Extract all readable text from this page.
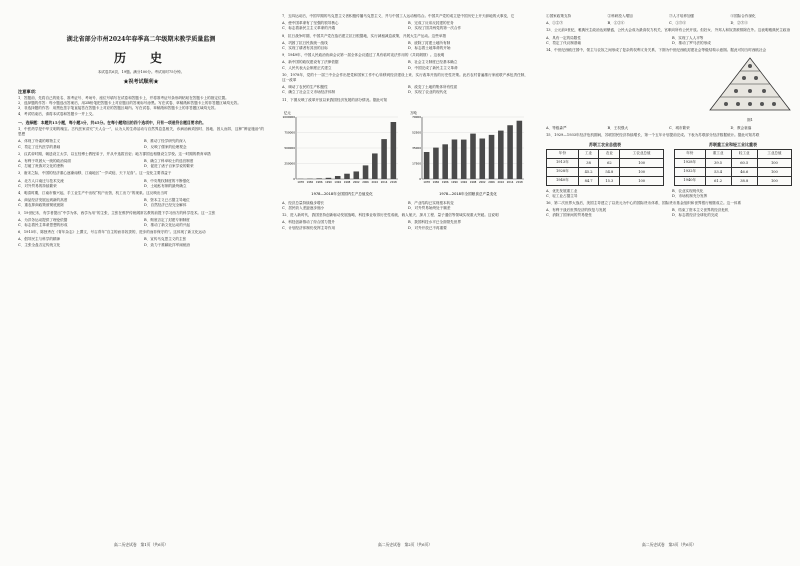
湖北省部分市州2024年春季高二年级期末教学质量监测
历　史
本试卷共6页，19题。满分100分。考试用时75分钟。
★祝考试顺利★
注意事项：
1．答题前，先将自己的姓名、准考证号、考场号、座位号填写在试卷和答题卡上，并将准考证号条形码粘贴在答题卡上的指定位置。
2．选择题的作答：每小题选出答案后，用2B铅笔把答题卡上对应题目的答案标号涂黑。写在试卷、草稿纸和答题卡上的非答题区域均无效。
3．非选择题的作答：用黑色签字笔直接答在答题卡上对应的答题区域内。写在试卷、草稿纸和答题卡上的非答题区域均无效。
4．考试结束后，请将本试卷和答题卡一并上交。
一、选择题：本题共15小题，每小题3分，共45分。在每小题给出的四个选项中，只有一项是符合题目要求的。
1．中医药学是中华文明的瑰宝。古代医家讲究“天人合一”，认为人的生命活动与自然界息息相关，诊病治病须因时、因地、因人而异，这种“辨证施治”的思想
A．体现了朴素的唯物主义	B．推动了经学研究的深入
C．奠定了近代医学的基础	D．反映了儒家的伦理观念
2．汉武帝时期，朝廷设立太学，以五经博士教授弟子，并从中选拔官吏；地方郡国也相继设立学校。这一时期的教育举措
A．有利于巩固大一统的政治局面	B．确立了科举取士的选官制度
C．打破了贵族对文化的垄断	D．促进了诸子百家学说的繁荣
3．唐宋之际，中国的经济重心逐渐南移，江南地区“一岁或稔，天下足食”。这一变化主要得益于
A．北方人口南迁与技术交流	B．中央集权制度的不断强化
C．对外贸易的持续繁荣	D．土地私有制的最终确立
4．明清时期，江南市镇兴起，手工业生产中出现“机户出资，机工出力”的现象。这反映出当时
A．商品经济发展达到新的高度	B．资本主义已占据主导地位
C．重农抑商政策被彻底废除	D．自然经济已经完全解体
5．19世纪末，有学者提出“中学为体，西学为用”的主张，主张在维护传统纲常名教的前提下学习西方的科学技术。这一主张
A．为洋务运动提供了理论依据	B．彻底否定了封建专制制度
C．标志着民主革命思想的形成	D．推动了新文化运动的兴起
6．1915年，陈独秀在《青年杂志》上撰文，号召青年“自主的而非奴隶的，进步的而非保守的”。这体现了新文化运动
A．倡导民主与科学的精神	B．宣传马克思主义的主张
C．主张全盘否定传统文化	D．致力于推翻北洋军阀统治
高二历史试卷　第1页（共6页）
7．五四运动后，中国早期的马克思主义者积极传播马克思主义，并与中国工人运动相结合。中国共产党的成立是中国历史上开天辟地的大事变，它
A．使中国革命有了坚强的领导核心	B．完成了反帝反封建的任务
C．标志着新民主主义革命的开端	D．实现了国共两党的第一次合作
8．抗日战争时期，中国共产党在敌后建立抗日根据地，实行减租减息政策，开展大生产运动。这些举措
A．巩固了抗日民族统一战线	B．废除了封建土地所有制
C．实现了耕者有其田的目标	D．标志着土地革命的开始
9．1949年，中国人民政治协商会议第一届全体会议通过了具有临时宪法作用的《共同纲领》。这表明
A．新中国的政权建设有了法律依据	B．社会主义制度已经基本确立
C．人民代表大会制度正式建立	D．中国完成了新民主主义革命
10．1978年，党的十一届三中全会作出把党和国家工作中心转移到经济建设上来、实行改革开放的历史性决策。此后农村普遍推行家庭联产承包责任制，这一改革
A．调动了农民的生产积极性	B．改变了土地的集体所有性质
C．确立了社会主义市场经济体制	D．实现了农业的现代化
11．下图反映了改革开放以来我国经济发展的部分情况。据此可知
1978—2018年全国国内生产总值变化
亿元
0
250000
500000
750000
1000000
1978 1982 1986 1990 1994 1998 2002 2006 2010 2014 2018
1978—2018年全国粮食总产量变化
万吨
0
17500
35000
52500
70000
1978 1982 1986 1990 1994 1998 2002 2006 2010 2014 2018
A．经济总量持续稳步增长	B．产业结构已实现根本转变
C．居民收入差距逐步缩小	D．对外贸易始终处于顺差
12．进入新时代，我国坚持创新驱动发展战略，科技事业取得历史性成就，载人航天、探月工程、量子通信等领域实现重大突破。这说明
A．科技创新推动了综合国力提升	B．我国科技水平已全面领先世界
C．计划经济体制仍发挥主导作用	D．对外开放已不再重要
高二历史试卷　第2页（共6页）
①国家政策支持	②科研投入增加	③人才培养加强	④国际合作深化
A．①②③	B．①②④	C．①③④	D．②③④
13．公元前5世纪，雅典民主政治达到鼎盛，公民大会成为最高权力机关，官职向所有公民开放。但妇女、外邦人和奴隶被排除在外。这表明雅典民主政治
A．具有一定的局限性	B．实现了人人平等
C．奠定了代议制基础	D．推动了罗马法的形成
14．中世纪西欧庄园中，领主与农奴之间形成了复杂的权利义务关系，下图为中世纪西欧封建社会等级结构示意图。据此可知当时西欧社会
图1
A．等级森严	B．王权强大	C．城市繁荣	D．教会衰落
15．1929—1933年经济危机期间，苏联国民经济持续增长，第一个五年计划提前完成。下表为苏联部分经济数据统计。据此可知苏联
苏联工农业总值表
年份	工业	农业	工农业总值
1913年	38	62	100
1928年	45.2	54.8	100
1940年	84.7	15.3	100
苏联重工业和轻工业比重表
年份	重工业	轻工业	工业总值
1928年	39.5	60.5	100
1932年	53.4	46.6	100
1940年	61.2	38.8	100
A．优先发展重工业	B．农业实现现代化
C．轻工业占据主导	D．市场机制充分发挥
16．第二次世界大战后，美国主导建立了以美元为中心的国际货币体系，国际货币基金组织和世界银行相继成立。这一体系
A．有利于战后世界经济的恢复与发展	B．结束了资本主义世界的经济危机
C．消除了国家间的贸易壁垒	D．标志着经济全球化的完成
高二历史试卷　第3页（共6页）
